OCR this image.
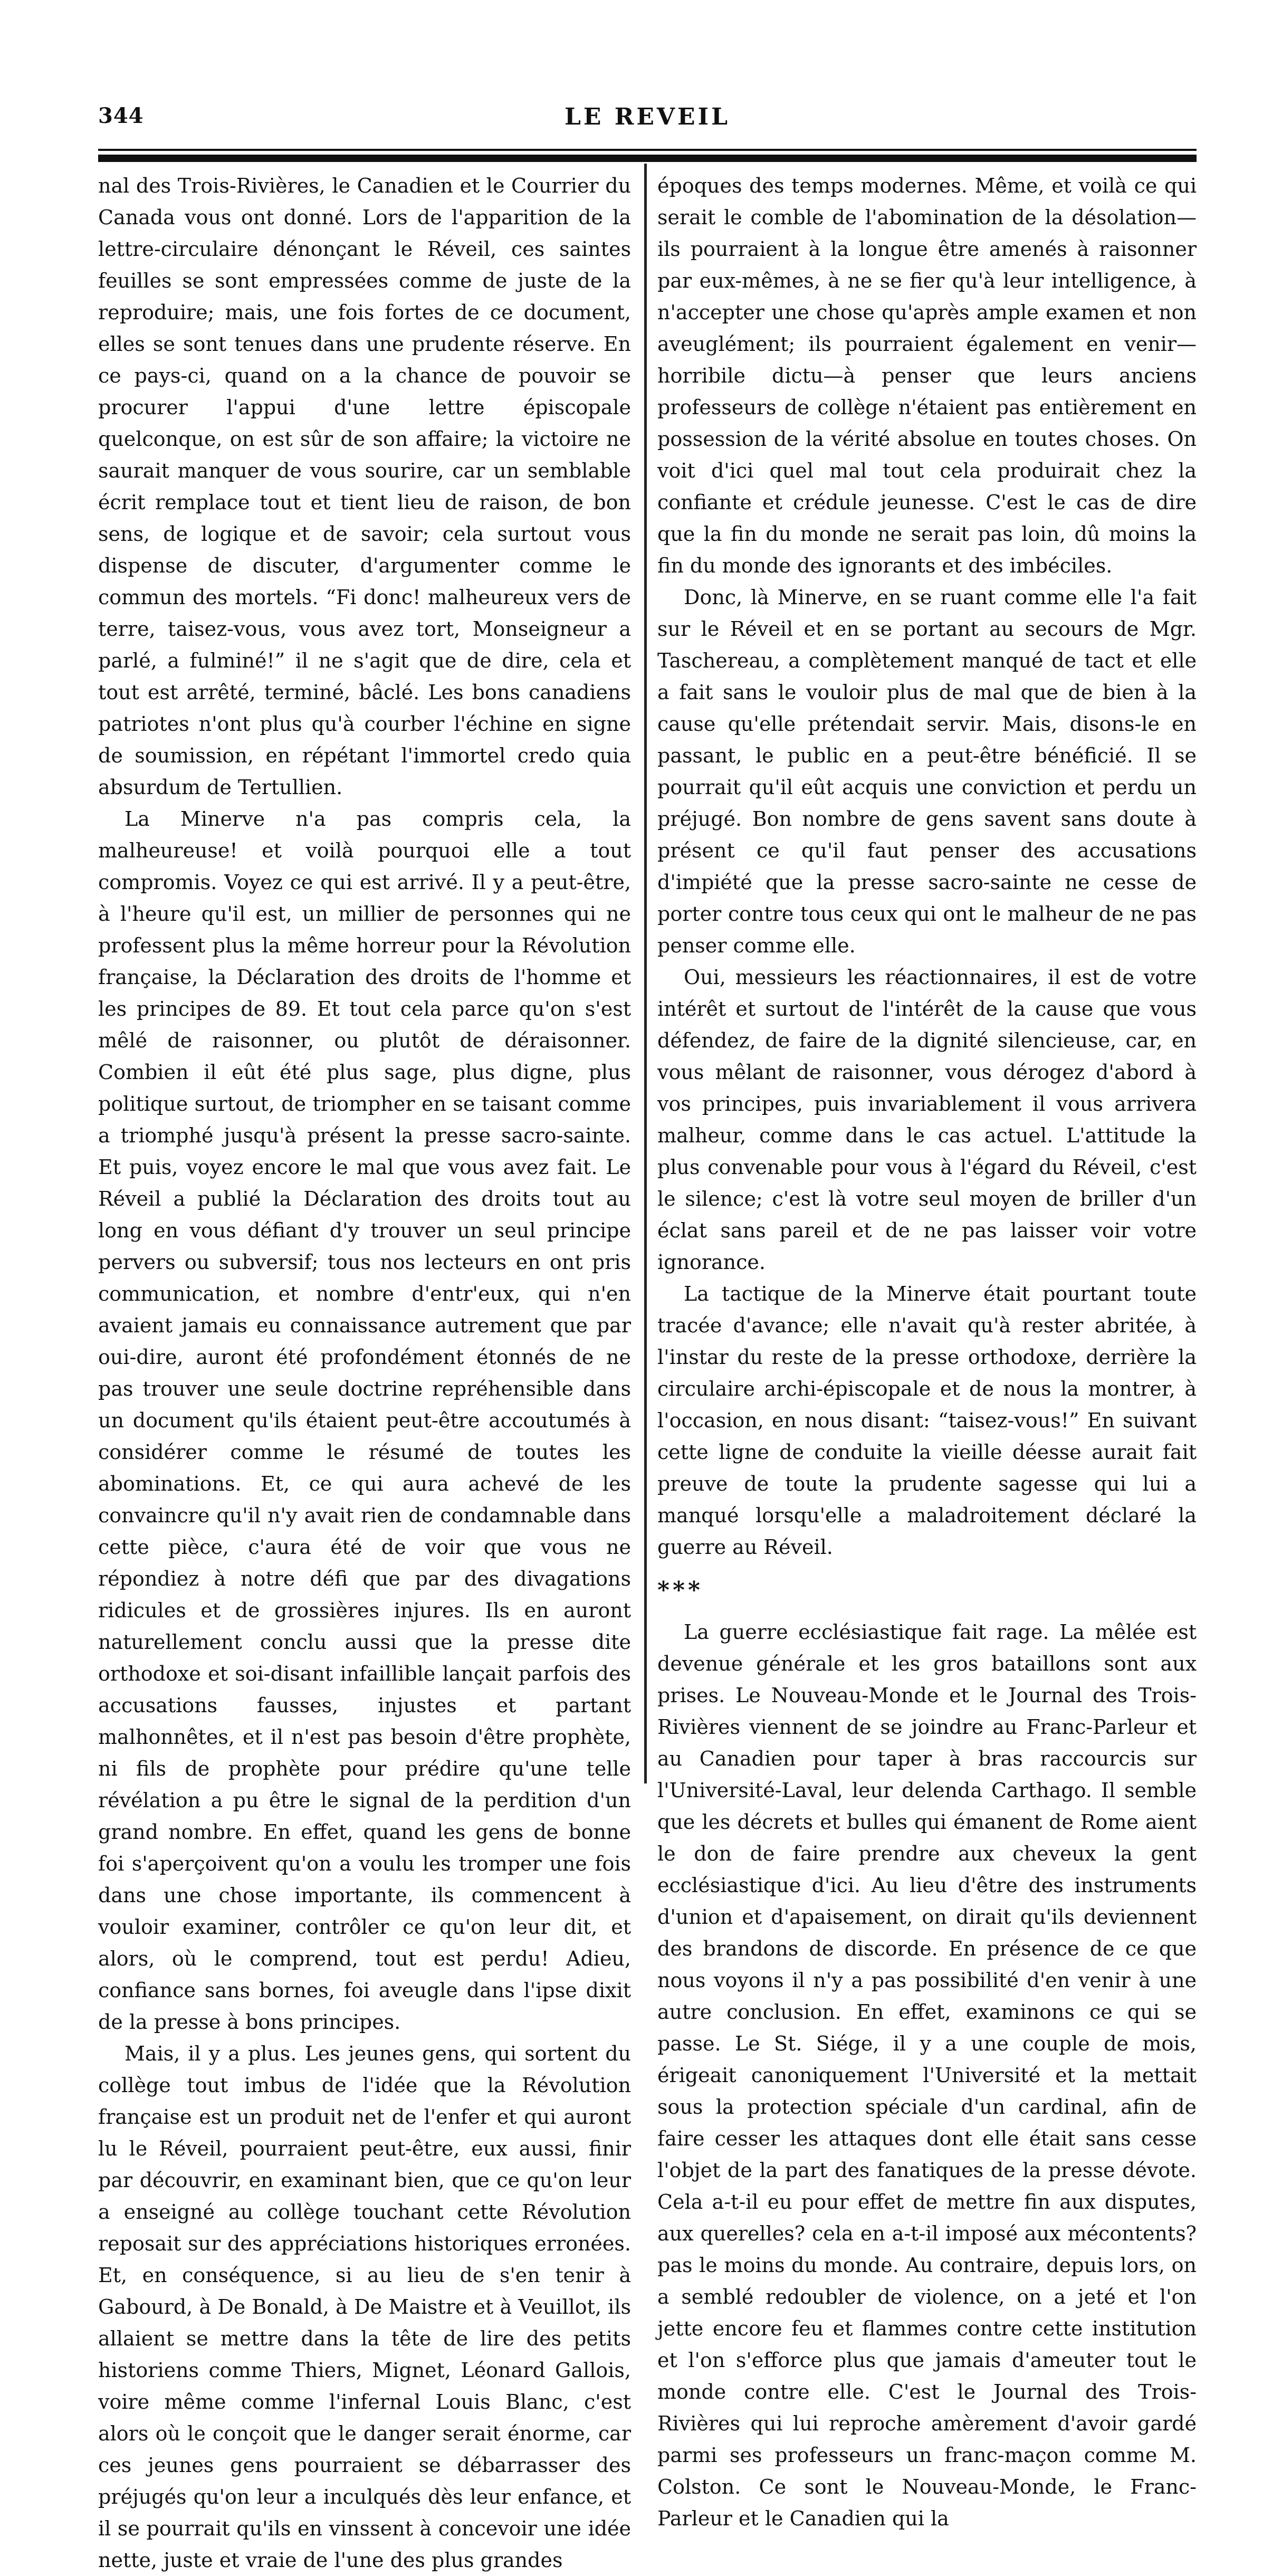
344	LE REVEIL

nal des Trois-Rivières, le Canadien et le Courrier du Canada vous ont donné. Lors de l'apparition de la lettre-circulaire dénonçant le Réveil, ces saintes feuilles se sont empressées comme de juste de la reproduire; mais, une fois fortes de ce document, elles se sont tenues dans une prudente réserve. En ce pays-ci, quand on a la chance de pouvoir se procurer l'appui d'une lettre épiscopale quelconque, on est sûr de son affaire; la victoire ne saurait manquer de vous sourire, car un semblable écrit remplace tout et tient lieu de raison, de bon sens, de logique et de savoir; cela surtout vous dispense de discuter, d'argumenter comme le commun des mortels. “Fi donc! malheureux vers de terre, taisez-vous, vous avez tort, Monseigneur a parlé, a fulminé!” il ne s'agit que de dire, cela et tout est arrêté, terminé, bâclé. Les bons canadiens patriotes n'ont plus qu'à courber l'échine en signe de soumission, en répétant l'immortel credo quia absurdum de Tertullien.

La Minerve n'a pas compris cela, la malheureuse! et voilà pourquoi elle a tout compromis. Voyez ce qui est arrivé. Il y a peut-être, à l'heure qu'il est, un millier de personnes qui ne professent plus la même horreur pour la Révolution française, la Déclaration des droits de l'homme et les principes de 89. Et tout cela parce qu'on s'est mêlé de raisonner, ou plutôt de déraisonner. Combien il eût été plus sage, plus digne, plus politique surtout, de triompher en se taisant comme a triomphé jusqu'à présent la presse sacro-sainte. Et puis, voyez encore le mal que vous avez fait. Le Réveil a publié la Déclaration des droits tout au long en vous défiant d'y trouver un seul principe pervers ou subversif; tous nos lecteurs en ont pris communication, et nombre d'entr'eux, qui n'en avaient jamais eu connaissance autrement que par oui-dire, auront été profondément étonnés de ne pas trouver une seule doctrine repréhensible dans un document qu'ils étaient peut-être accoutumés à considérer comme le résumé de toutes les abominations. Et, ce qui aura achevé de les convaincre qu'il n'y avait rien de condamnable dans cette pièce, c'aura été de voir que vous ne répondiez à notre défi que par des divagations ridicules et de grossières injures. Ils en auront naturellement conclu aussi que la presse dite orthodoxe et soi-disant infaillible lançait parfois des accusations fausses, injustes et partant malhonnêtes, et il n'est pas besoin d'être prophète, ni fils de prophète pour prédire qu'une telle révélation a pu être le signal de la perdition d'un grand nombre. En effet, quand les gens de bonne foi s'aperçoivent qu'on a voulu les tromper une fois dans une chose importante, ils commencent à vouloir examiner, contrôler ce qu'on leur dit, et alors, où le comprend, tout est perdu! Adieu, confiance sans bornes, foi aveugle dans l'ipse dixit de la presse à bons principes.

Mais, il y a plus. Les jeunes gens, qui sortent du collège tout imbus de l'idée que la Révolution française est un produit net de l'enfer et qui auront lu le Réveil, pourraient peut-être, eux aussi, finir par découvrir, en examinant bien, que ce qu'on leur a enseigné au collège touchant cette Révolution reposait sur des appréciations historiques erronées. Et, en conséquence, si au lieu de s'en tenir à Gabourd, à De Bonald, à De Maistre et à Veuillot, ils allaient se mettre dans la tête de lire des petits historiens comme Thiers, Mignet, Léonard Gallois, voire même comme l'infernal Louis Blanc, c'est alors où le conçoit que le danger serait énorme, car ces jeunes gens pourraient se débarrasser des préjugés qu'on leur a inculqués dès leur enfance, et il se pourrait qu'ils en vinssent à concevoir une idée nette, juste et vraie de l'une des plus grandes

époques des temps modernes. Même, et voilà ce qui serait le comble de l'abomination de la désolation—ils pourraient à la longue être amenés à raisonner par eux-mêmes, à ne se fier qu'à leur intelligence, à n'accepter une chose qu'après ample examen et non aveuglément; ils pourraient également en venir—horribile dictu—à penser que leurs anciens professeurs de collège n'étaient pas entièrement en possession de la vérité absolue en toutes choses. On voit d'ici quel mal tout cela produirait chez la confiante et crédule jeunesse. C'est le cas de dire que la fin du monde ne serait pas loin, dû moins la fin du monde des ignorants et des imbéciles.

Donc, là Minerve, en se ruant comme elle l'a fait sur le Réveil et en se portant au secours de Mgr. Taschereau, a complètement manqué de tact et elle a fait sans le vouloir plus de mal que de bien à la cause qu'elle prétendait servir. Mais, disons-le en passant, le public en a peut-être bénéficié. Il se pourrait qu'il eût acquis une conviction et perdu un préjugé. Bon nombre de gens savent sans doute à présent ce qu'il faut penser des accusations d'impiété que la presse sacro-sainte ne cesse de porter contre tous ceux qui ont le malheur de ne pas penser comme elle.

Oui, messieurs les réactionnaires, il est de votre intérêt et surtout de l'intérêt de la cause que vous défendez, de faire de la dignité silencieuse, car, en vous mêlant de raisonner, vous dérogez d'abord à vos principes, puis invariablement il vous arrivera malheur, comme dans le cas actuel. L'attitude la plus convenable pour vous à l'égard du Réveil, c'est le silence; c'est là votre seul moyen de briller d'un éclat sans pareil et de ne pas laisser voir votre ignorance.

La tactique de la Minerve était pourtant toute tracée d'avance; elle n'avait qu'à rester abritée, à l'instar du reste de la presse orthodoxe, derrière la circulaire archi-épiscopale et de nous la montrer, à l'occasion, en nous disant: “taisez-vous!” En suivant cette ligne de conduite la vieille déesse aurait fait preuve de toute la prudente sagesse qui lui a manqué lorsqu'elle a maladroitement déclaré la guerre au Réveil.

***

La guerre ecclésiastique fait rage. La mêlée est devenue générale et les gros bataillons sont aux prises. Le Nouveau-Monde et le Journal des Trois-Rivières viennent de se joindre au Franc-Parleur et au Canadien pour taper à bras raccourcis sur l'Université-Laval, leur delenda Carthago. Il semble que les décrets et bulles qui émanent de Rome aient le don de faire prendre aux cheveux la gent ecclésiastique d'ici. Au lieu d'être des instruments d'union et d'apaisement, on dirait qu'ils deviennent des brandons de discorde. En présence de ce que nous voyons il n'y a pas possibilité d'en venir à une autre conclusion. En effet, examinons ce qui se passe. Le St. Siége, il y a une couple de mois, érigeait canoniquement l'Université et la mettait sous la protection spéciale d'un cardinal, afin de faire cesser les attaques dont elle était sans cesse l'objet de la part des fanatiques de la presse dévote. Cela a-t-il eu pour effet de mettre fin aux disputes, aux querelles? cela en a-t-il imposé aux mécontents? pas le moins du monde. Au contraire, depuis lors, on a semblé redoubler de violence, on a jeté et l'on jette encore feu et flammes contre cette institution et l'on s'efforce plus que jamais d'ameuter tout le monde contre elle. C'est le Journal des Trois-Rivières qui lui reproche amèrement d'avoir gardé parmi ses professeurs un franc-maçon comme M. Colston. Ce sont le Nouveau-Monde, le Franc-Parleur et le Canadien qui la
